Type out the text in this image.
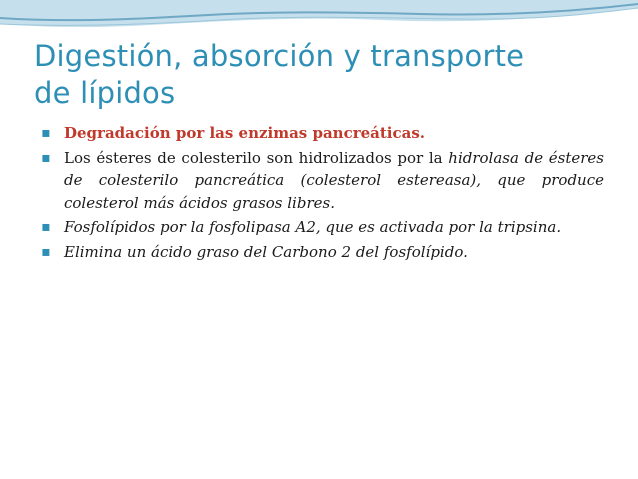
Digestión, absorción y transporte
de lípidos
▪ Degradación por las enzimas pancreáticas.
▪ Los ésteres de colesterilo son hidrolizados por la hidrolasa de ésteres de colesterilo pancreática (colesterol estereasa), que produce colesterol más ácidos grasos libres.
▪ Fosfolípidos por la fosfolipasa A2, que es activada por la tripsina.
▪ Elimina un ácido graso del Carbono 2 del fosfolípido.
